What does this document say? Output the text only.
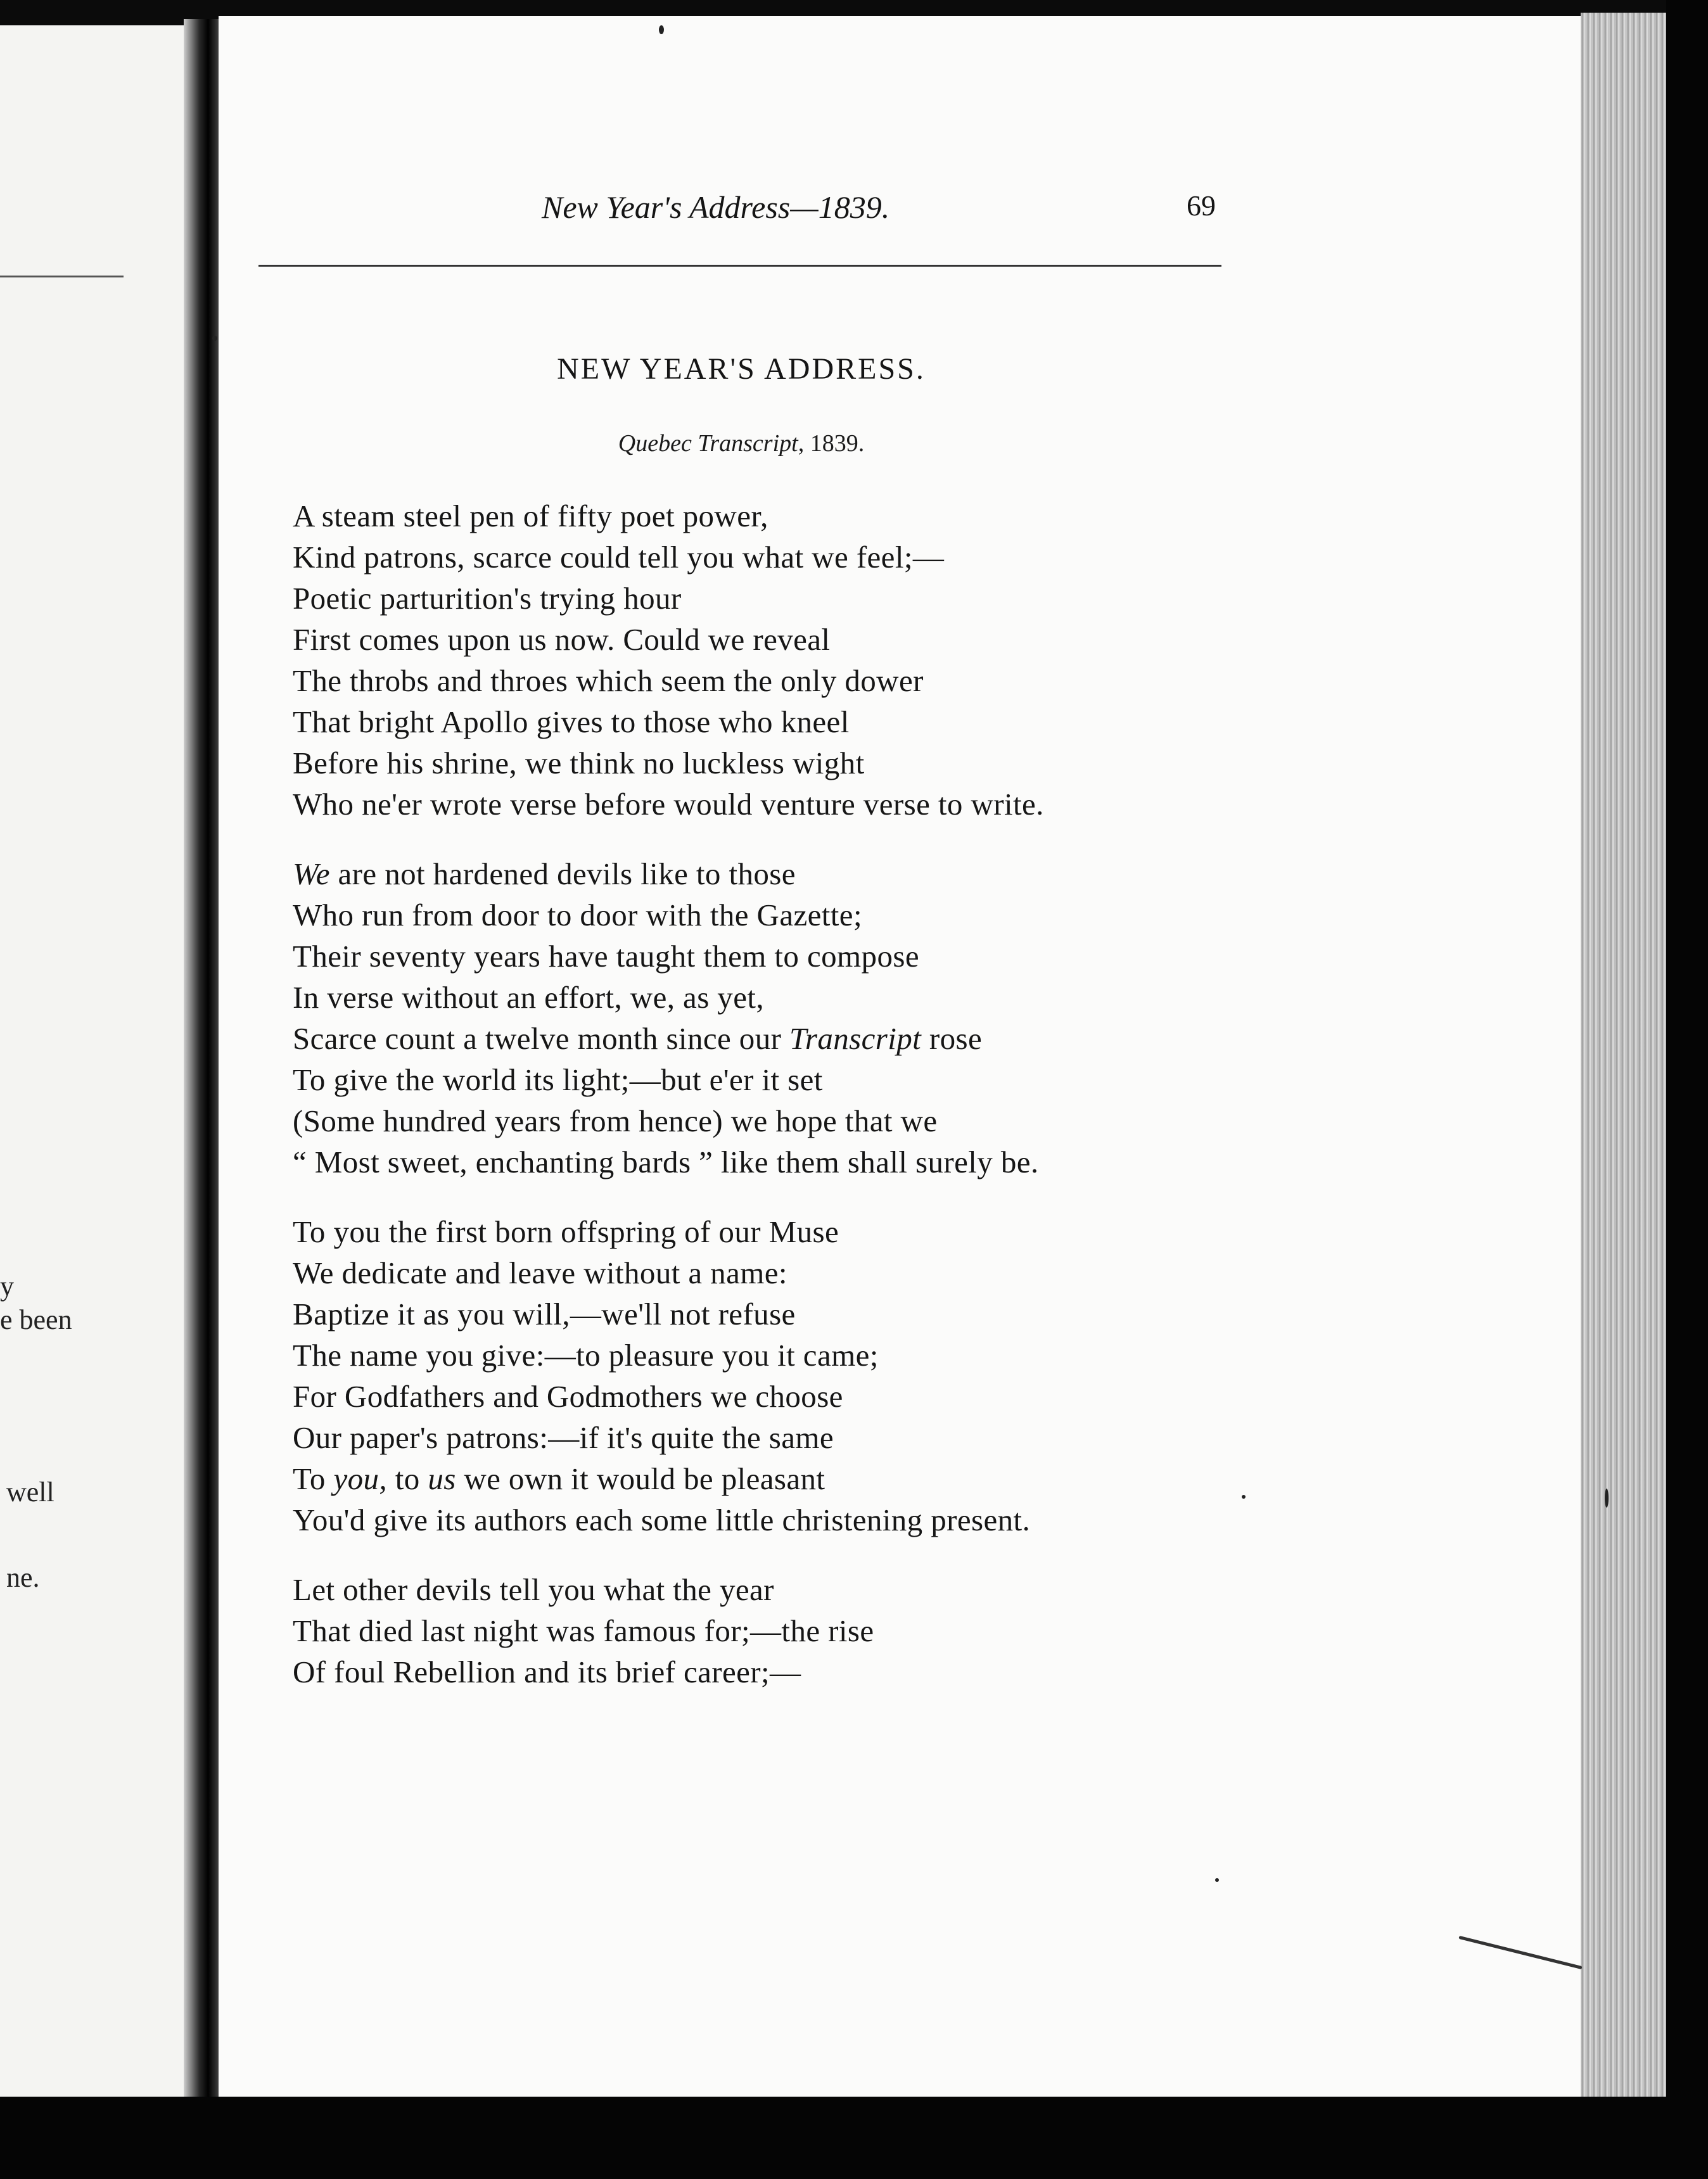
y
e been
well
ne.
New Year's Address—1839.	69
NEW YEAR'S ADDRESS.
Quebec Transcript, 1839.
A steam steel pen of fifty poet power,
Kind patrons, scarce could tell you what we feel;—
Poetic parturition's trying hour
First comes upon us now. Could we reveal
The throbs and throes which seem the only dower
That bright Apollo gives to those who kneel
Before his shrine, we think no luckless wight
Who ne'er wrote verse before would venture verse to write.
We are not hardened devils like to those
Who run from door to door with the Gazette;
Their seventy years have taught them to compose
In verse without an effort, we, as yet,
Scarce count a twelve month since our Transcript rose
To give the world its light;—but e'er it set
(Some hundred years from hence) we hope that we
“ Most sweet, enchanting bards ” like them shall surely be.
To you the first born offspring of our Muse
We dedicate and leave without a name:
Baptize it as you will,—we'll not refuse
The name you give:—to pleasure you it came;
For Godfathers and Godmothers we choose
Our paper's patrons:—if it's quite the same
To you, to us we own it would be pleasant
You'd give its authors each some little christening present.
Let other devils tell you what the year
That died last night was famous for;—the rise
Of foul Rebellion and its brief career;—
